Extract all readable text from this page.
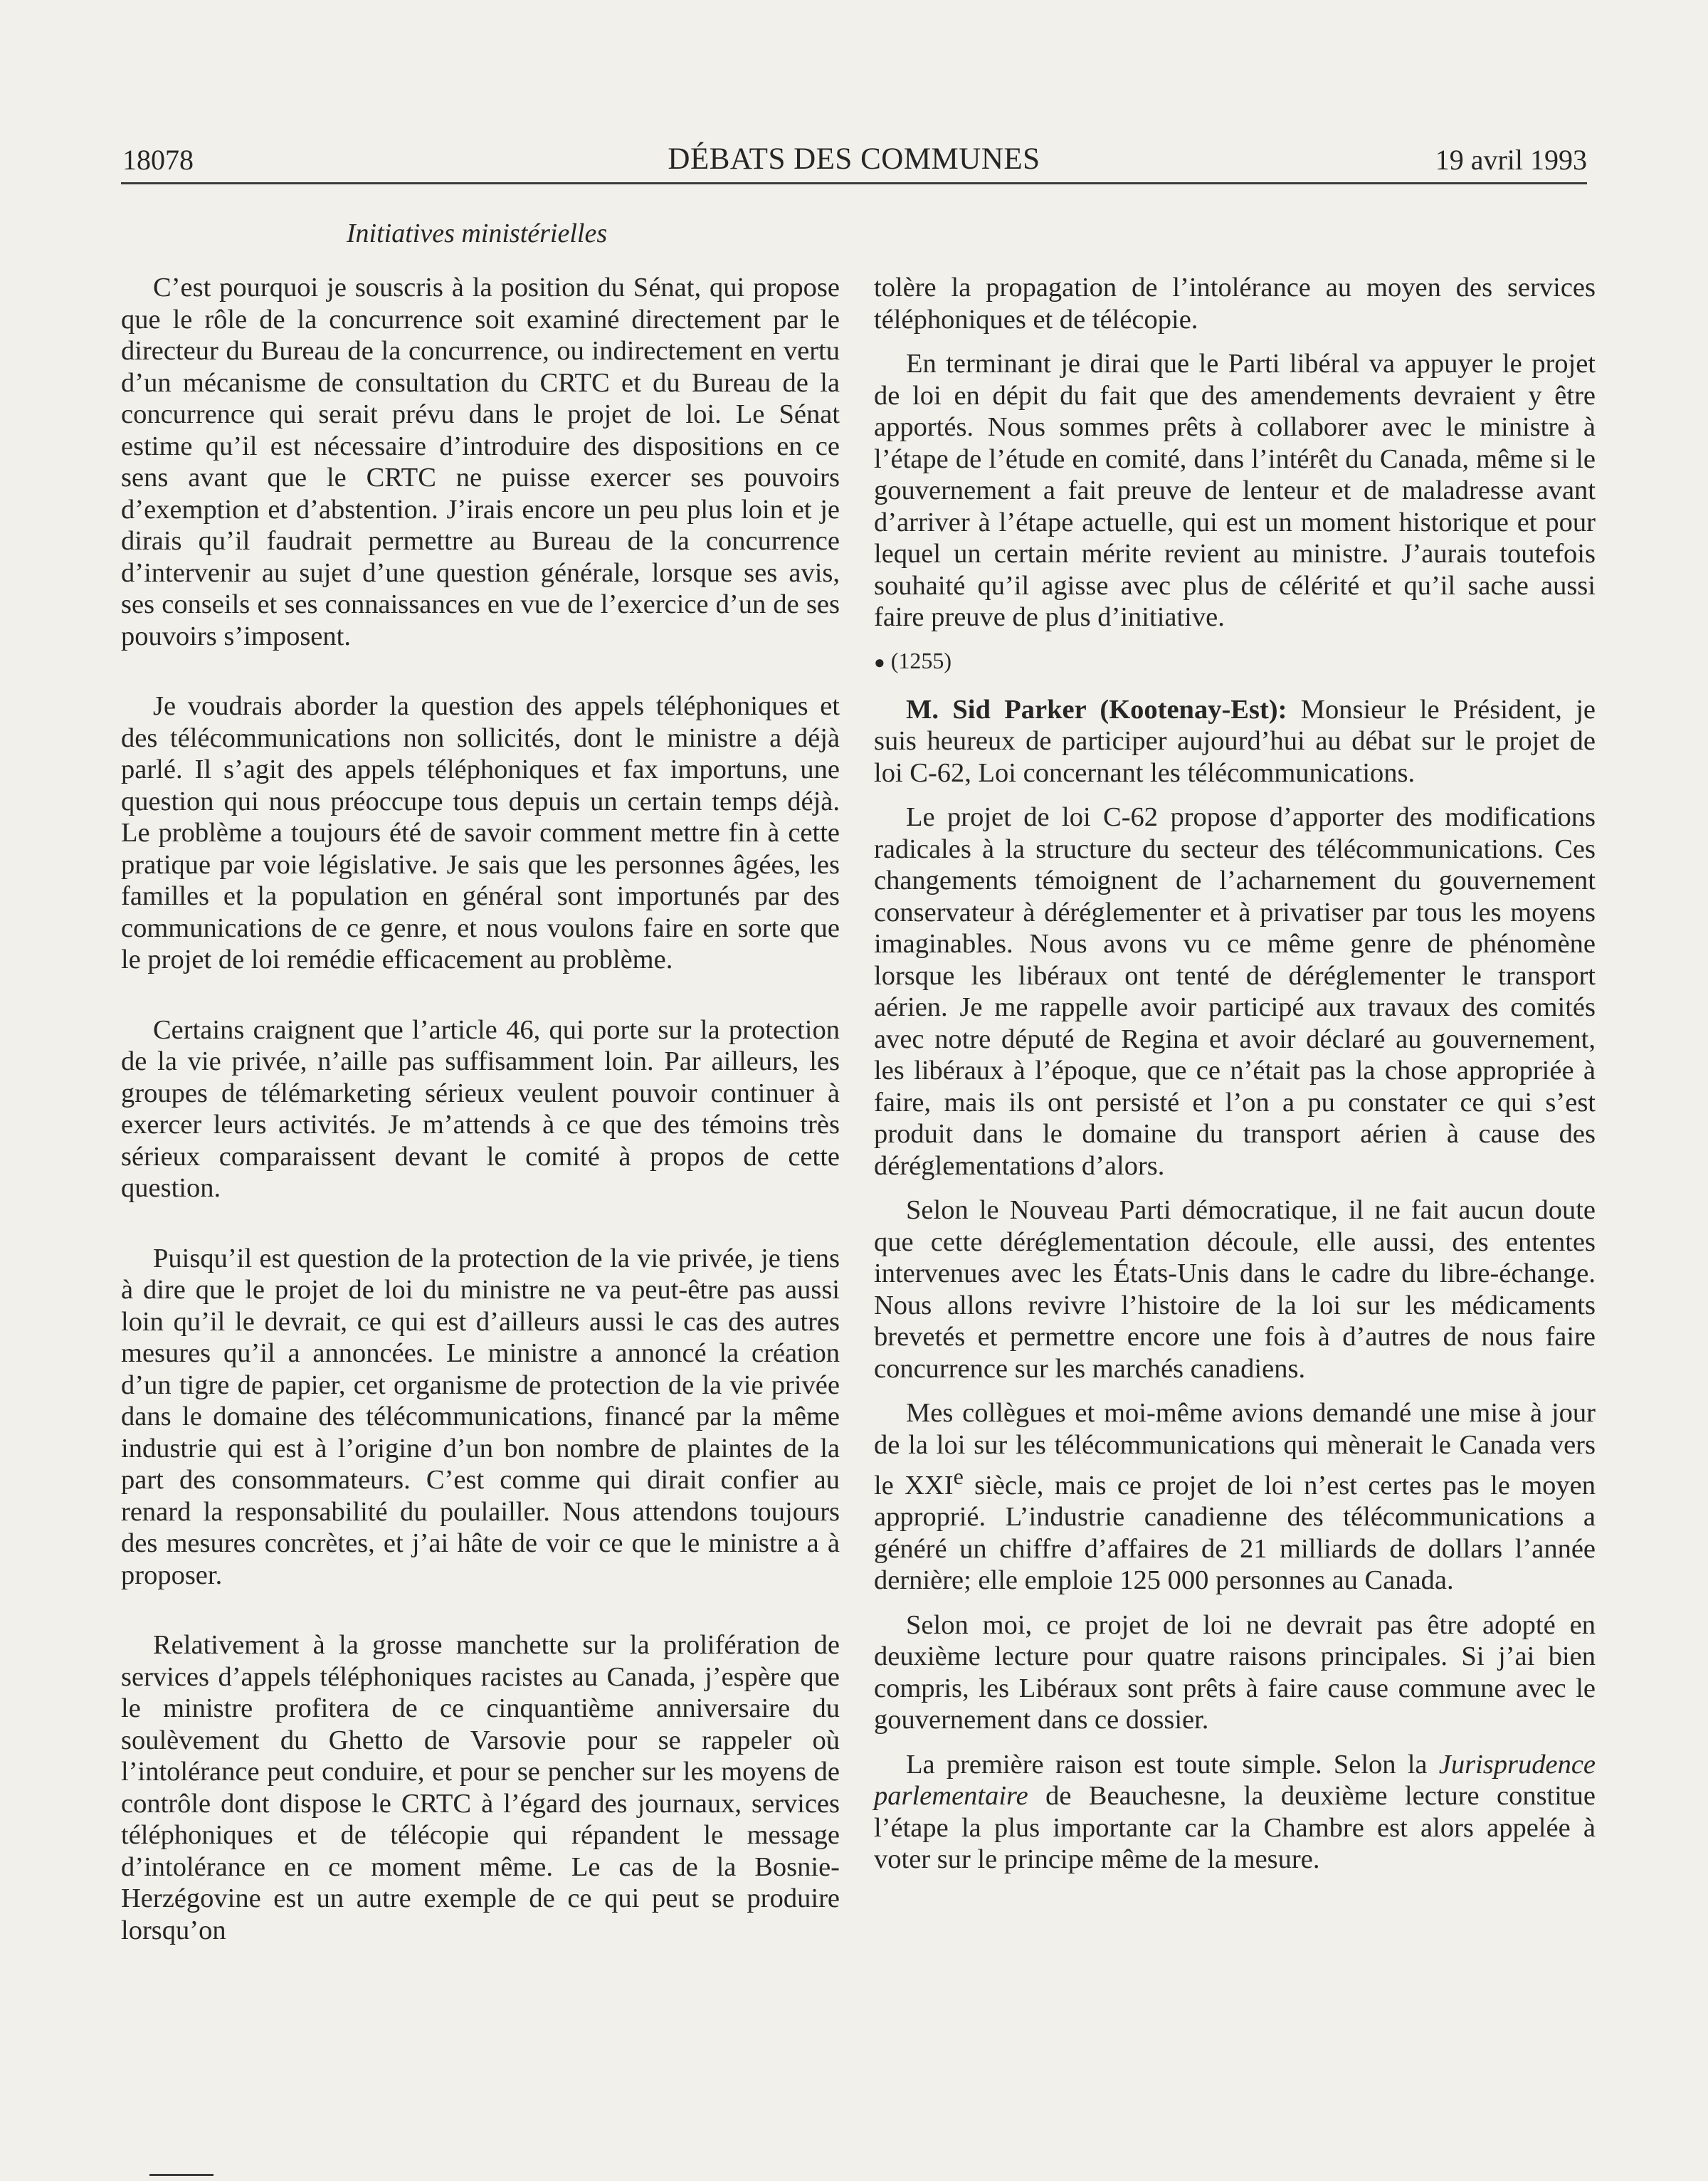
18078	DÉBATS DES COMMUNES	19 avril 1993
Initiatives ministérielles

C’est pourquoi je souscris à la position du Sénat, qui propose que le rôle de la concurrence soit examiné directement par le directeur du Bureau de la concurrence, ou indirectement en vertu d’un mécanisme de consultation du CRTC et du Bureau de la concurrence qui serait prévu dans le projet de loi. Le Sénat estime qu’il est nécessaire d’introduire des dispositions en ce sens avant que le CRTC ne puisse exercer ses pouvoirs d’exemption et d’abstention. J’irais encore un peu plus loin et je dirais qu’il faudrait permettre au Bureau de la concurrence d’intervenir au sujet d’une question générale, lorsque ses avis, ses conseils et ses connaissances en vue de l’exercice d’un de ses pouvoirs s’imposent.

Je voudrais aborder la question des appels téléphoniques et des télécommunications non sollicités, dont le ministre a déjà parlé. Il s’agit des appels téléphoniques et fax importuns, une question qui nous préoccupe tous depuis un certain temps déjà. Le problème a toujours été de savoir comment mettre fin à cette pratique par voie législative. Je sais que les personnes âgées, les familles et la population en général sont importunés par des communications de ce genre, et nous voulons faire en sorte que le projet de loi remédie efficacement au problème.

Certains craignent que l’article 46, qui porte sur la protection de la vie privée, n’aille pas suffisamment loin. Par ailleurs, les groupes de télémarketing sérieux veulent pouvoir continuer à exercer leurs activités. Je m’attends à ce que des témoins très sérieux comparaissent devant le comité à propos de cette question.

Puisqu’il est question de la protection de la vie privée, je tiens à dire que le projet de loi du ministre ne va peut-être pas aussi loin qu’il le devrait, ce qui est d’ailleurs aussi le cas des autres mesures qu’il a annoncées. Le ministre a annoncé la création d’un tigre de papier, cet organisme de protection de la vie privée dans le domaine des télécommunications, financé par la même industrie qui est à l’origine d’un bon nombre de plaintes de la part des consommateurs. C’est comme qui dirait confier au renard la responsabilité du poulailler. Nous attendons toujours des mesures concrètes, et j’ai hâte de voir ce que le ministre a à proposer.

Relativement à la grosse manchette sur la prolifération de services d’appels téléphoniques racistes au Canada, j’espère que le ministre profitera de ce cinquantième anniversaire du soulèvement du Ghetto de Varsovie pour se rappeler où l’intolérance peut conduire, et pour se pencher sur les moyens de contrôle dont dispose le CRTC à l’égard des journaux, services téléphoniques et de télécopie qui répandent le message d’intolérance en ce moment même. Le cas de la Bosnie-Herzégovine est un autre exemple de ce qui peut se produire lorsqu’on

tolère la propagation de l’intolérance au moyen des services téléphoniques et de télécopie.

En terminant je dirai que le Parti libéral va appuyer le projet de loi en dépit du fait que des amendements devraient y être apportés. Nous sommes prêts à collaborer avec le ministre à l’étape de l’étude en comité, dans l’intérêt du Canada, même si le gouvernement a fait preuve de lenteur et de maladresse avant d’arriver à l’étape actuelle, qui est un moment historique et pour lequel un certain mérite revient au ministre. J’aurais toutefois souhaité qu’il agisse avec plus de célérité et qu’il sache aussi faire preuve de plus d’initiative.

● (1255)

M. Sid Parker (Kootenay-Est): Monsieur le Président, je suis heureux de participer aujourd’hui au débat sur le projet de loi C-62, Loi concernant les télécommunications.

Le projet de loi C-62 propose d’apporter des modifications radicales à la structure du secteur des télécommunications. Ces changements témoignent de l’acharnement du gouvernement conservateur à déréglementer et à privatiser par tous les moyens imaginables. Nous avons vu ce même genre de phénomène lorsque les libéraux ont tenté de déréglementer le transport aérien. Je me rappelle avoir participé aux travaux des comités avec notre député de Regina et avoir déclaré au gouvernement, les libéraux à l’époque, que ce n’était pas la chose appropriée à faire, mais ils ont persisté et l’on a pu constater ce qui s’est produit dans le domaine du transport aérien à cause des déréglementations d’alors.

Selon le Nouveau Parti démocratique, il ne fait aucun doute que cette déréglementation découle, elle aussi, des ententes intervenues avec les États-Unis dans le cadre du libre-échange. Nous allons revivre l’histoire de la loi sur les médicaments brevetés et permettre encore une fois à d’autres de nous faire concurrence sur les marchés canadiens.

Mes collègues et moi-même avions demandé une mise à jour de la loi sur les télécommunications qui mènerait le Canada vers le XXIe siècle, mais ce projet de loi n’est certes pas le moyen approprié. L’industrie canadienne des télécommunications a généré un chiffre d’affaires de 21 milliards de dollars l’année dernière; elle emploie 125 000 personnes au Canada.

Selon moi, ce projet de loi ne devrait pas être adopté en deuxième lecture pour quatre raisons principales. Si j’ai bien compris, les Libéraux sont prêts à faire cause commune avec le gouvernement dans ce dossier.

La première raison est toute simple. Selon la Jurisprudence parlementaire de Beauchesne, la deuxième lecture constitue l’étape la plus importante car la Chambre est alors appelée à voter sur le principe même de la mesure.
